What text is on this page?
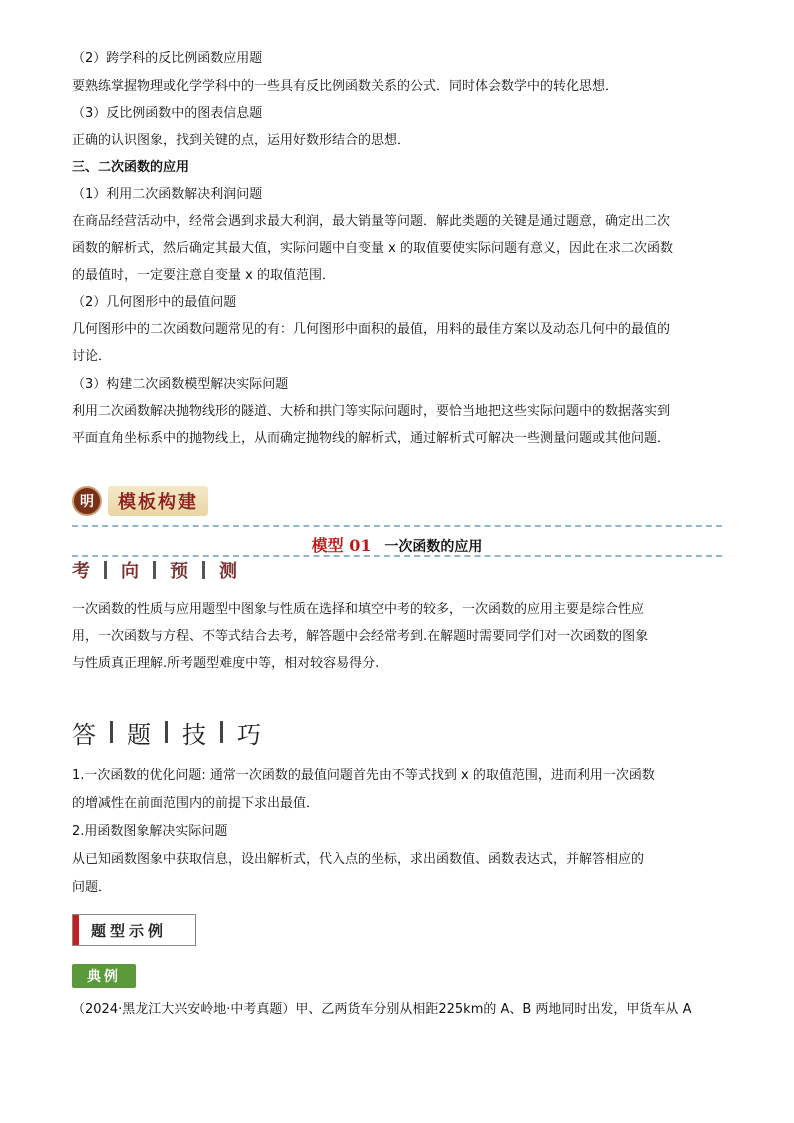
（2）跨学科的反比例函数应用题
要熟练掌握物理或化学学科中的一些具有反比例函数关系的公式．同时体会数学中的转化思想．
（3）反比例函数中的图表信息题
正确的认识图象，找到关键的点，运用好数形结合的思想．
三、二次函数的应用
（1）利用二次函数解决利润问题
在商品经营活动中，经常会遇到求最大利润，最大销量等问题．解此类题的关键是通过题意，确定出二次
函数的解析式，然后确定其最大值，实际问题中自变量 x 的取值要使实际问题有意义，因此在求二次函数
的最值时，一定要注意自变量 x 的取值范围．
（2）几何图形中的最值问题
几何图形中的二次函数问题常见的有：几何图形中面积的最值，用料的最佳方案以及动态几何中的最值的
讨论．
（3）构建二次函数模型解决实际问题
利用二次函数解决抛物线形的隧道、大桥和拱门等实际问题时，要恰当地把这些实际问题中的数据落实到
平面直角坐标系中的抛物线上，从而确定抛物线的解析式，通过解析式可解决一些测量问题或其他问题．
明	模板构建
模型 01 一次函数的应用
考 向 预 测
一次函数的性质与应用题型中图象与性质在选择和填空中考的较多，一次函数的应用主要是综合性应
用，一次函数与方程、不等式结合去考，解答题中会经常考到.在解题时需要同学们对一次函数的图象
与性质真正理解.所考题型难度中等，相对较容易得分.
答 题 技 巧
1.一次函数的优化问题: 通常一次函数的最值问题首先由不等式找到 x 的取值范围，进而利用一次函数
的增减性在前面范围内的前提下求出最值．
2.用函数图象解决实际问题
从已知函数图象中获取信息，设出解析式，代入点的坐标，求出函数值、函数表达式，并解答相应的
问题．
题型示例
典例
（2024·黑龙江大兴安岭地·中考真题）甲、乙两货车分别从相距225km的 A、B 两地同时出发，甲货车从 A
